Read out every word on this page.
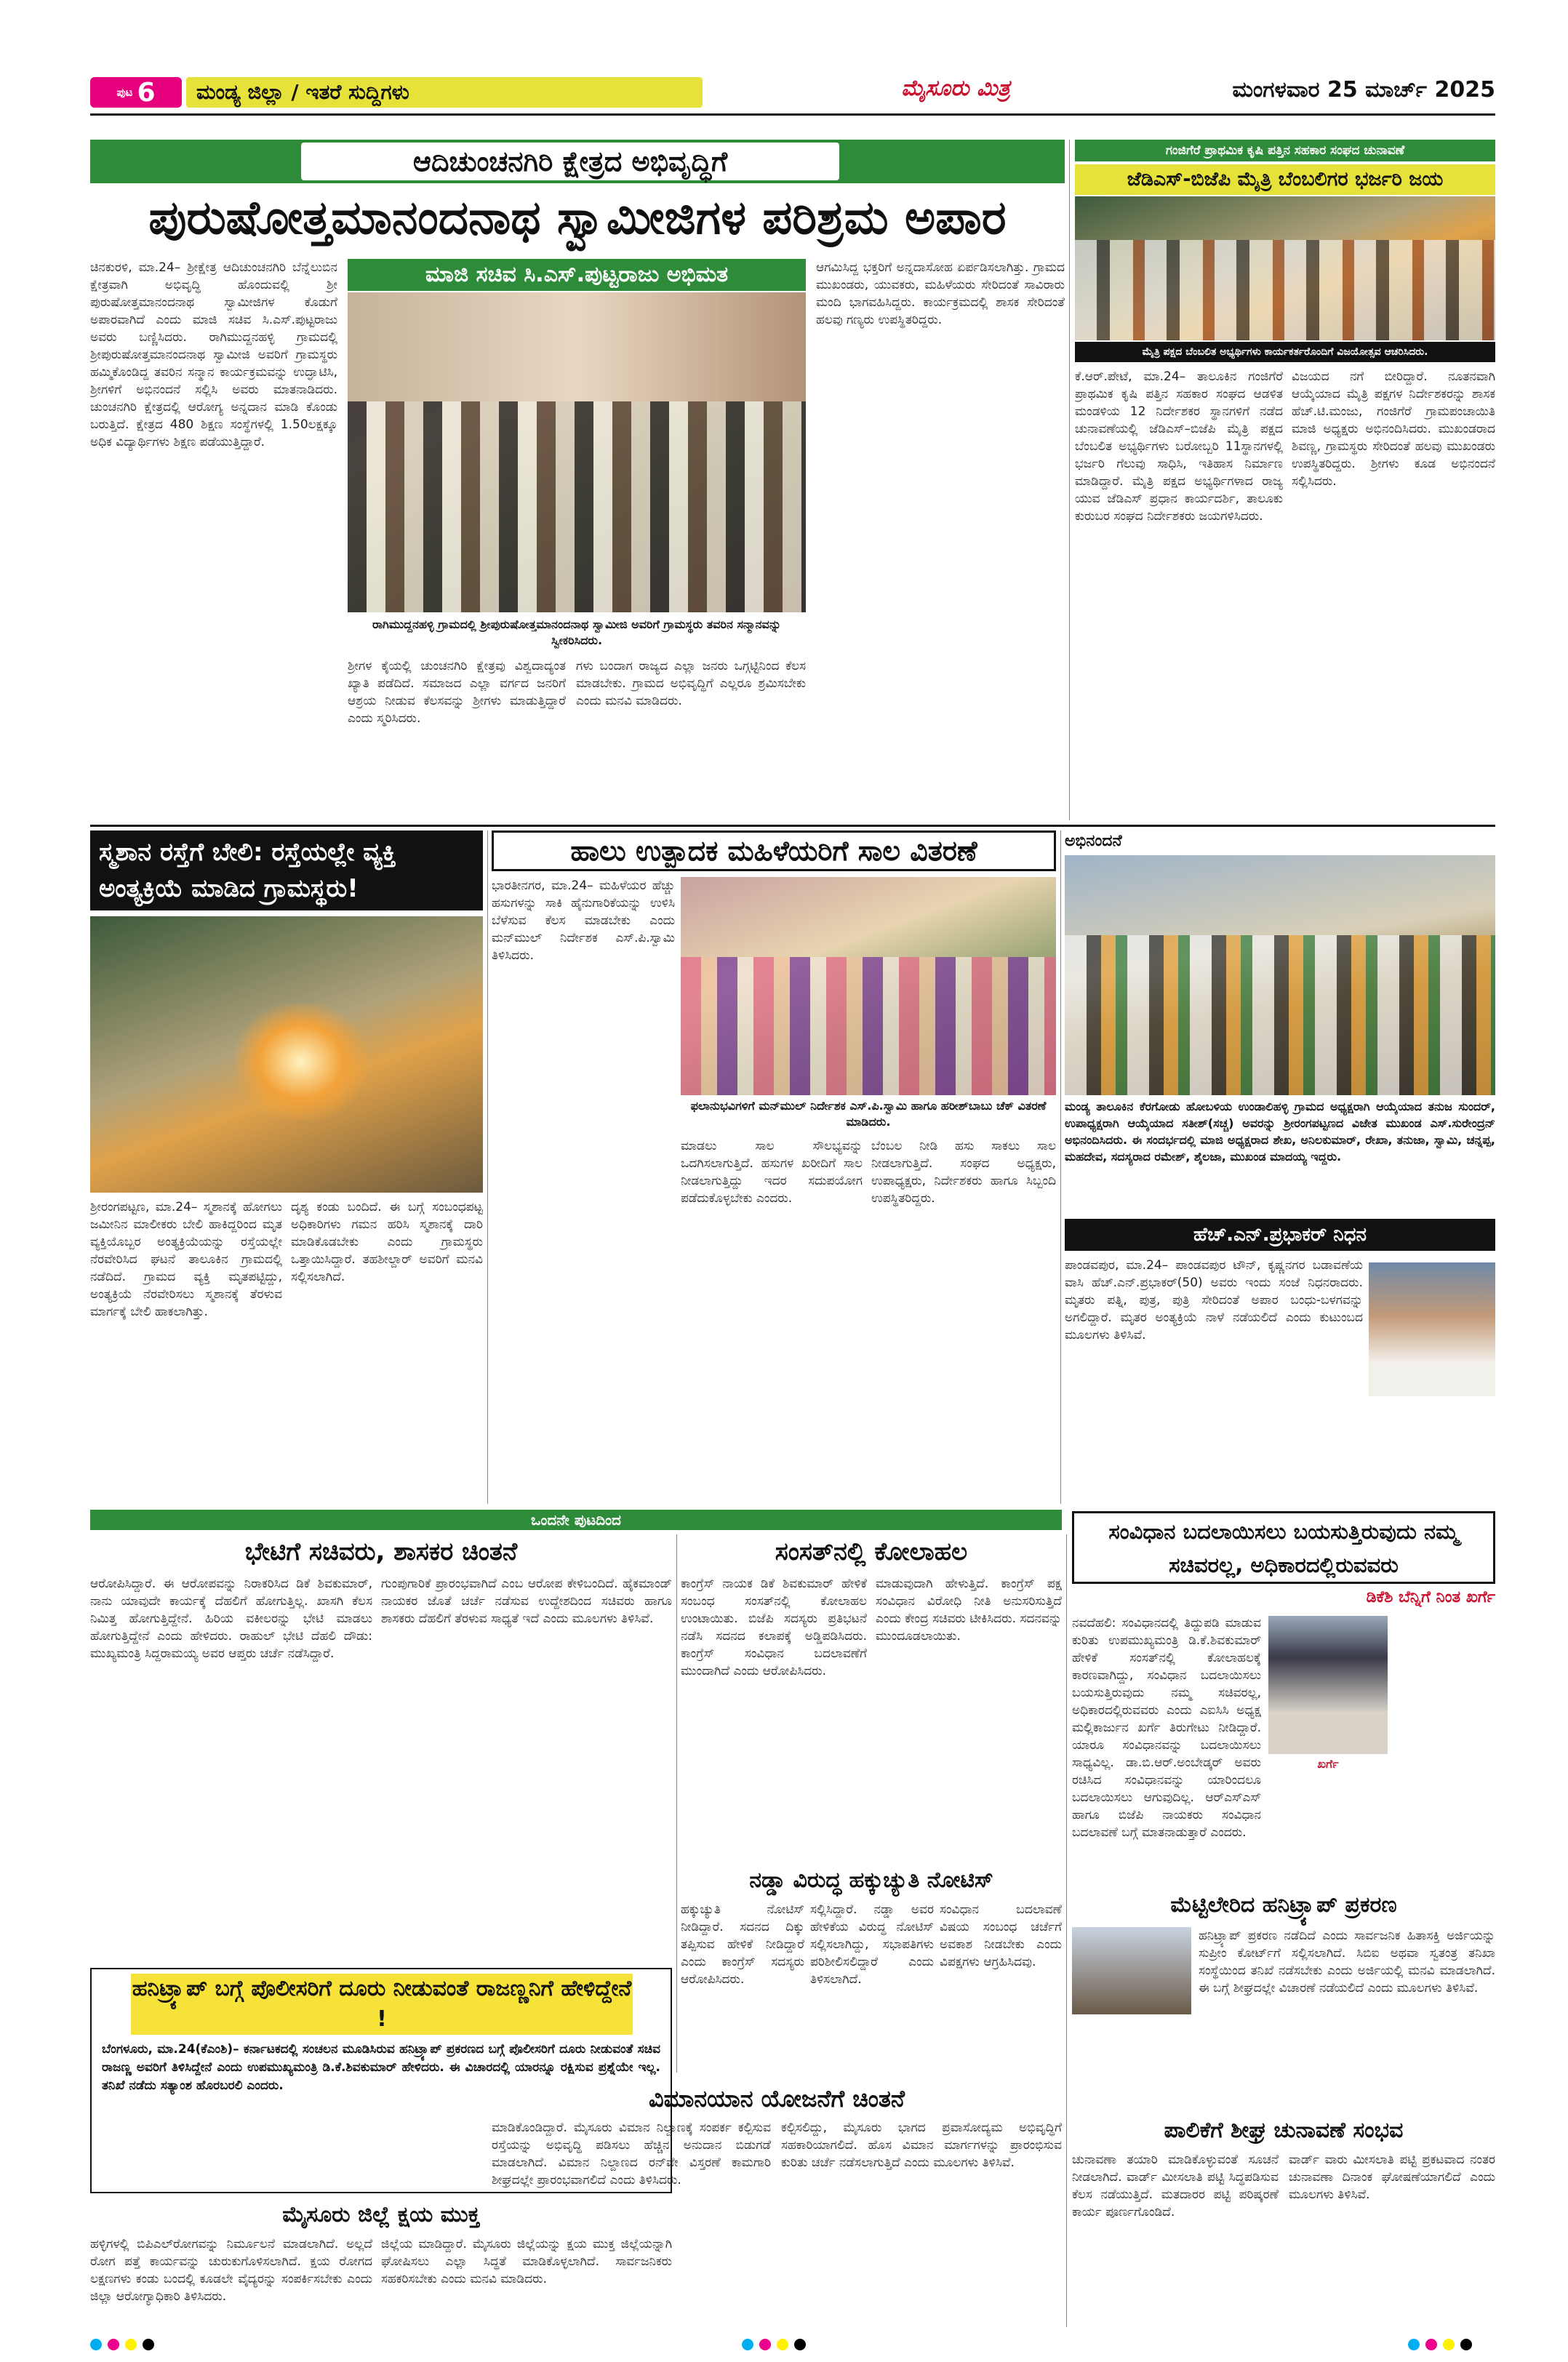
ಪುಟ 6	ಮಂಡ್ಯ ಜಿಲ್ಲಾ / ಇತರೆ ಸುದ್ದಿಗಳು	ಮೈಸೂರು ಮಿತ್ರ	ಮಂಗಳವಾರ 25 ಮಾರ್ಚ್ 2025
ಆದಿಚುಂಚನಗಿರಿ ಕ್ಷೇತ್ರದ ಅಭಿವೃದ್ಧಿಗೆ
ಪುರುಷೋತ್ತಮಾನಂದನಾಥ ಸ್ವಾಮೀಜಿಗಳ ಪರಿಶ್ರಮ ಅಪಾರ
ಚಿನಕುರಳಿ, ಮಾ.24– ಶ್ರೀಕ್ಷೇತ್ರ ಆದಿಚುಂಚನಗಿರಿ ಬೆನ್ನೆಲುಬಿನ ಕ್ಷೇತ್ರವಾಗಿ ಅಭಿವೃದ್ಧಿ ಹೊಂದುವಲ್ಲಿ ಶ್ರೀ ಪುರುಷೋತ್ತಮಾನಂದನಾಥ ಸ್ವಾಮೀಜಿಗಳ ಕೊಡುಗೆ ಅಪಾರವಾಗಿದೆ ಎಂದು ಮಾಜಿ ಸಚಿವ ಸಿ.ಎಸ್.ಪುಟ್ಟರಾಜು ಅವರು ಬಣ್ಣಿಸಿದರು. ರಾಗಿಮುದ್ದನಹಳ್ಳಿ ಗ್ರಾಮದಲ್ಲಿ ಶ್ರೀಪುರುಷೋತ್ತಮಾನಂದನಾಥ ಸ್ವಾಮೀಜಿ ಅವರಿಗೆ ಗ್ರಾಮಸ್ಥರು ಹಮ್ಮಿಕೊಂಡಿದ್ದ ತವರಿನ ಸನ್ಮಾನ ಕಾರ್ಯಕ್ರಮವನ್ನು ಉದ್ಘಾಟಿಸಿ, ಶ್ರೀಗಳಿಗೆ ಅಭಿನಂದನೆ ಸಲ್ಲಿಸಿ ಅವರು ಮಾತನಾಡಿದರು. ಚುಂಚನಗಿರಿ ಕ್ಷೇತ್ರದಲ್ಲಿ ಆರೋಗ್ಯ ಅನ್ನದಾನ ಮಾಡಿ ಕೊಂಡು ಬರುತ್ತಿದೆ. ಕ್ಷೇತ್ರದ 480 ಶಿಕ್ಷಣ ಸಂಸ್ಥೆಗಳಲ್ಲಿ 1.50ಲಕ್ಷಕ್ಕೂ ಅಧಿಕ ವಿದ್ಯಾರ್ಥಿಗಳು ಶಿಕ್ಷಣ ಪಡೆಯುತ್ತಿದ್ದಾರೆ.
ಮಾಜಿ ಸಚಿವ ಸಿ.ಎಸ್.ಪುಟ್ಟರಾಜು ಅಭಿಮತ
ರಾಗಿಮುದ್ದನಹಳ್ಳಿ ಗ್ರಾಮದಲ್ಲಿ ಶ್ರೀಪುರುಷೋತ್ತಮಾನಂದನಾಥ ಸ್ವಾಮೀಜಿ ಅವರಿಗೆ ಗ್ರಾಮಸ್ಥರು ತವರಿನ ಸನ್ಮಾನವನ್ನು ಸ್ವೀಕರಿಸಿದರು.
ಶ್ರೀಗಳ ಕೈಯಲ್ಲಿ ಚುಂಚನಗಿರಿ ಕ್ಷೇತ್ರವು ವಿಶ್ವದಾದ್ಯಂತ ಖ್ಯಾತಿ ಪಡೆದಿದೆ. ಸಮಾಜದ ಎಲ್ಲಾ ವರ್ಗದ ಜನರಿಗೆ ಆಶ್ರಯ ನೀಡುವ ಕೆಲಸವನ್ನು ಶ್ರೀಗಳು ಮಾಡುತ್ತಿದ್ದಾರೆ ಎಂದು ಸ್ಮರಿಸಿದರು.
ಗಳು ಬಂದಾಗ ರಾಜ್ಯದ ಎಲ್ಲಾ ಜನರು ಒಗ್ಗಟ್ಟಿನಿಂದ ಕೆಲಸ ಮಾಡಬೇಕು. ಗ್ರಾಮದ ಅಭಿವೃದ್ಧಿಗೆ ಎಲ್ಲರೂ ಶ್ರಮಿಸಬೇಕು ಎಂದು ಮನವಿ ಮಾಡಿದರು.
ಆಗಮಿಸಿದ್ದ ಭಕ್ತರಿಗೆ ಅನ್ನದಾಸೋಹ ಏರ್ಪಡಿಸಲಾಗಿತ್ತು. ಗ್ರಾಮದ ಮುಖಂಡರು, ಯುವಕರು, ಮಹಿಳೆಯರು ಸೇರಿದಂತೆ ಸಾವಿರಾರು ಮಂದಿ ಭಾಗವಹಿಸಿದ್ದರು. ಕಾರ್ಯಕ್ರಮದಲ್ಲಿ ಶಾಸಕ ಸೇರಿದಂತೆ ಹಲವು ಗಣ್ಯರು ಉಪಸ್ಥಿತರಿದ್ದರು.
ಗಂಜಿಗೆರೆ ಪ್ರಾಥಮಿಕ ಕೃಷಿ ಪತ್ತಿನ ಸಹಕಾರ ಸಂಘದ ಚುನಾವಣೆ
ಜೆಡಿಎಸ್-ಬಿಜೆಪಿ ಮೈತ್ರಿ ಬೆಂಬಲಿಗರ ಭರ್ಜರಿ ಜಯ
ಮೈತ್ರಿ ಪಕ್ಷದ ಬೆಂಬಲಿತ ಅಭ್ಯರ್ಥಿಗಳು ಕಾರ್ಯಕರ್ತರೊಂದಿಗೆ ವಿಜಯೋತ್ಸವ ಆಚರಿಸಿದರು.
ಕೆ.ಆರ್.ಪೇಟೆ, ಮಾ.24– ತಾಲೂಕಿನ ಗಂಜಿಗೆರೆ ಪ್ರಾಥಮಿಕ ಕೃಷಿ ಪತ್ತಿನ ಸಹಕಾರ ಸಂಘದ ಆಡಳಿತ ಮಂಡಳಿಯ 12 ನಿರ್ದೇಶಕರ ಸ್ಥಾನಗಳಿಗೆ ನಡೆದ ಚುನಾವಣೆಯಲ್ಲಿ ಜೆಡಿಎಸ್–ಬಿಜೆಪಿ ಮೈತ್ರಿ ಪಕ್ಷದ ಬೆಂಬಲಿತ ಅಭ್ಯರ್ಥಿಗಳು ಬರೋಬ್ಬರಿ 11ಸ್ಥಾನಗಳಲ್ಲಿ ಭರ್ಜರಿ ಗೆಲುವು ಸಾಧಿಸಿ, ಇತಿಹಾಸ ನಿರ್ಮಾಣ ಮಾಡಿದ್ದಾರೆ. ಮೈತ್ರಿ ಪಕ್ಷದ ಅಭ್ಯರ್ಥಿಗಳಾದ ರಾಜ್ಯ ಯುವ ಜೆಡಿಎಸ್ ಪ್ರಧಾನ ಕಾರ್ಯದರ್ಶಿ, ತಾಲೂಕು ಕುರುಬರ ಸಂಘದ ನಿರ್ದೇಶಕರು ಜಯಗಳಿಸಿದರು.
ವಿಜಯದ ನಗೆ ಬೀರಿದ್ದಾರೆ. ನೂತನವಾಗಿ ಆಯ್ಕೆಯಾದ ಮೈತ್ರಿ ಪಕ್ಷಗಳ ನಿರ್ದೇಶಕರನ್ನು ಶಾಸಕ ಹೆಚ್.ಟಿ.ಮಂಜು, ಗಂಜಿಗೆರೆ ಗ್ರಾಮಪಂಚಾಯಿತಿ ಮಾಜಿ ಅಧ್ಯಕ್ಷರು ಅಭಿನಂದಿಸಿದರು. ಮುಖಂಡರಾದ ಶಿವಣ್ಣ, ಗ್ರಾಮಸ್ಥರು ಸೇರಿದಂತೆ ಹಲವು ಮುಖಂಡರು ಉಪಸ್ಥಿತರಿದ್ದರು. ಶ್ರೀಗಳು ಕೂಡ ಅಭಿನಂದನೆ ಸಲ್ಲಿಸಿದರು.
ಸ್ಮಶಾನ ರಸ್ತೆಗೆ ಬೇಲಿ: ರಸ್ತೆಯಲ್ಲೇ ವ್ಯಕ್ತಿ ಅಂತ್ಯಕ್ರಿಯೆ ಮಾಡಿದ ಗ್ರಾಮಸ್ಥರು!
ಶ್ರೀರಂಗಪಟ್ಟಣ, ಮಾ.24– ಸ್ಮಶಾನಕ್ಕೆ ಹೋಗಲು ಜಮೀನಿನ ಮಾಲೀಕರು ಬೇಲಿ ಹಾಕಿದ್ದರಿಂದ ಮೃತ ವ್ಯಕ್ತಿಯೊಬ್ಬರ ಅಂತ್ಯಕ್ರಿಯೆಯನ್ನು ರಸ್ತೆಯಲ್ಲೇ ನೆರವೇರಿಸಿದ ಘಟನೆ ತಾಲೂಕಿನ ಗ್ರಾಮದಲ್ಲಿ ನಡೆದಿದೆ. ಗ್ರಾಮದ ವ್ಯಕ್ತಿ ಮೃತಪಟ್ಟಿದ್ದು, ಅಂತ್ಯಕ್ರಿಯೆ ನೆರವೇರಿಸಲು ಸ್ಮಶಾನಕ್ಕೆ ತೆರಳುವ ಮಾರ್ಗಕ್ಕೆ ಬೇಲಿ ಹಾಕಲಾಗಿತ್ತು.
ದೃಶ್ಯ ಕಂಡು ಬಂದಿದೆ. ಈ ಬಗ್ಗೆ ಸಂಬಂಧಪಟ್ಟ ಅಧಿಕಾರಿಗಳು ಗಮನ ಹರಿಸಿ ಸ್ಮಶಾನಕ್ಕೆ ದಾರಿ ಮಾಡಿಕೊಡಬೇಕು ಎಂದು ಗ್ರಾಮಸ್ಥರು ಒತ್ತಾಯಿಸಿದ್ದಾರೆ. ತಹಶೀಲ್ದಾರ್ ಅವರಿಗೆ ಮನವಿ ಸಲ್ಲಿಸಲಾಗಿದೆ.
ಹಾಲು ಉತ್ಪಾದಕ ಮಹಿಳೆಯರಿಗೆ ಸಾಲ ವಿತರಣೆ
ಭಾರತೀನಗರ, ಮಾ.24– ಮಹಿಳೆಯರ ಹೆಚ್ಚು ಹಸುಗಳನ್ನು ಸಾಕಿ ಹೈನುಗಾರಿಕೆಯನ್ನು ಉಳಿಸಿ ಬೆಳೆಸುವ ಕೆಲಸ ಮಾಡಬೇಕು ಎಂದು ಮನ್‌ಮುಲ್ ನಿರ್ದೇಶಕ ಎಸ್.ಪಿ.ಸ್ವಾಮಿ ತಿಳಿಸಿದರು.
ಫಲಾನುಭವಿಗಳಿಗೆ ಮನ್‌ಮುಲ್ ನಿರ್ದೇಶಕ ಎಸ್.ಪಿ.ಸ್ವಾಮಿ ಹಾಗೂ ಹರೀಶ್‌ಬಾಬು ಚೆಕ್ ವಿತರಣೆ ಮಾಡಿದರು.
ಮಾಡಲು ಸಾಲ ಸೌಲಭ್ಯವನ್ನು ಒದಗಿಸಲಾಗುತ್ತಿದೆ. ಹಸುಗಳ ಖರೀದಿಗೆ ಸಾಲ ನೀಡಲಾಗುತ್ತಿದ್ದು ಇದರ ಸದುಪಯೋಗ ಪಡೆದುಕೊಳ್ಳಬೇಕು ಎಂದರು.
ಬೆಂಬಲ ನೀಡಿ ಹಸು ಸಾಕಲು ಸಾಲ ನೀಡಲಾಗುತ್ತಿದೆ. ಸಂಘದ ಅಧ್ಯಕ್ಷರು, ಉಪಾಧ್ಯಕ್ಷರು, ನಿರ್ದೇಶಕರು ಹಾಗೂ ಸಿಬ್ಬಂದಿ ಉಪಸ್ಥಿತರಿದ್ದರು.
ಅಭಿನಂದನೆ
ಮಂಡ್ಯ ತಾಲೂಕಿನ ಕೆರಗೋಡು ಹೋಬಳಿಯ ಉಂಡಾಲಿಹಳ್ಳಿ ಗ್ರಾಮದ ಅಧ್ಯಕ್ಷರಾಗಿ ಆಯ್ಕೆಯಾದ ತನುಜ ಸುಂದರ್, ಉಪಾಧ್ಯಕ್ಷರಾಗಿ ಆಯ್ಕೆಯಾದ ಸತೀಶ್(ಸಚ್ಚ) ಅವರನ್ನು ಶ್ರೀರಂಗಪಟ್ಟಣದ ವಿಜೇತ ಮುಖಂಡ ಎಸ್.ಸುರೇಂದ್ರನ್ ಅಭಿನಂದಿಸಿದರು. ಈ ಸಂದರ್ಭದಲ್ಲಿ ಮಾಜಿ ಅಧ್ಯಕ್ಷರಾದ ಶೇಖ, ಅನಿಲಕುಮಾರ್, ರೇಖಾ, ತನುಜಾ, ಸ್ವಾಮಿ, ಚನ್ನಪ್ಪ, ಮಹದೇವ, ಸದಸ್ಯರಾದ ರಮೇಶ್, ಶೈಲಜಾ, ಮುಖಂಡ ಮಾದಯ್ಯ ಇದ್ದರು.
ಹೆಚ್.ಎನ್.ಪ್ರಭಾಕರ್ ನಿಧನ
ಪಾಂಡವಪುರ, ಮಾ.24– ಪಾಂಡವಪುರ ಟೌನ್, ಕೃಷ್ಣನಗರ ಬಡಾವಣೆಯ ವಾಸಿ ಹೆಚ್.ಎನ್.ಪ್ರಭಾಕರ್(50) ಅವರು ಇಂದು ಸಂಜೆ ನಿಧನರಾದರು. ಮೃತರು ಪತ್ನಿ, ಪುತ್ರ, ಪುತ್ರಿ ಸೇರಿದಂತೆ ಅಪಾರ ಬಂಧು-ಬಳಗವನ್ನು ಅಗಲಿದ್ದಾರೆ. ಮೃತರ ಅಂತ್ಯಕ್ರಿಯೆ ನಾಳೆ ನಡೆಯಲಿದೆ ಎಂದು ಕುಟುಂಬದ ಮೂಲಗಳು ತಿಳಿಸಿವೆ.
ಒಂದನೇ ಪುಟದಿಂದ
ಭೇಟಿಗೆ ಸಚಿವರು, ಶಾಸಕರ ಚಿಂತನೆ
ಆರೋಪಿಸಿದ್ದಾರೆ. ಈ ಆರೋಪವನ್ನು ನಿರಾಕರಿಸಿದ ಡಿಕೆ ಶಿವಕುಮಾರ್, ನಾನು ಯಾವುದೇ ಕಾರ್ಯಕ್ಕೆ ದೆಹಲಿಗೆ ಹೋಗುತ್ತಿಲ್ಲ. ಖಾಸಗಿ ಕೆಲಸ ನಿಮಿತ್ತ ಹೋಗುತ್ತಿದ್ದೇನೆ. ಹಿರಿಯ ವಕೀಲರನ್ನು ಭೇಟಿ ಮಾಡಲು ಹೋಗುತ್ತಿದ್ದೇನೆ ಎಂದು ಹೇಳಿದರು. ರಾಹುಲ್ ಭೇಟಿ ದೆಹಲಿ ದೌಡು: ಮುಖ್ಯಮಂತ್ರಿ ಸಿದ್ದರಾಮಯ್ಯ ಅವರ ಆಪ್ತರು ಚರ್ಚೆ ನಡೆಸಿದ್ದಾರೆ.
ಗುಂಪುಗಾರಿಕೆ ಪ್ರಾರಂಭವಾಗಿದೆ ಎಂಬ ಆರೋಪ ಕೇಳಿಬಂದಿದೆ. ಹೈಕಮಾಂಡ್ ನಾಯಕರ ಜೊತೆ ಚರ್ಚೆ ನಡೆಸುವ ಉದ್ದೇಶದಿಂದ ಸಚಿವರು ಹಾಗೂ ಶಾಸಕರು ದೆಹಲಿಗೆ ತೆರಳುವ ಸಾಧ್ಯತೆ ಇದೆ ಎಂದು ಮೂಲಗಳು ತಿಳಿಸಿವೆ.
ಹನಿಟ್ರ್ಯಾಪ್ ಬಗ್ಗೆ ಪೊಲೀಸರಿಗೆ ದೂರು ನೀಡುವಂತೆ ರಾಜಣ್ಣನಿಗೆ ಹೇಳಿದ್ದೇನೆ !
ಬೆಂಗಳೂರು, ಮಾ.24(ಕೆಎಂಶಿ)– ಕರ್ನಾಟಕದಲ್ಲಿ ಸಂಚಲನ ಮೂಡಿಸಿರುವ ಹನಿಟ್ರ್ಯಾಪ್ ಪ್ರಕರಣದ ಬಗ್ಗೆ ಪೊಲೀಸರಿಗೆ ದೂರು ನೀಡುವಂತೆ ಸಚಿವ ರಾಜಣ್ಣ ಅವರಿಗೆ ತಿಳಿಸಿದ್ದೇನೆ ಎಂದು ಉಪಮುಖ್ಯಮಂತ್ರಿ ಡಿ.ಕೆ.ಶಿವಕುಮಾರ್ ಹೇಳಿದರು. ಈ ವಿಚಾರದಲ್ಲಿ ಯಾರನ್ನೂ ರಕ್ಷಿಸುವ ಪ್ರಶ್ನೆಯೇ ಇಲ್ಲ. ತನಿಖೆ ನಡೆದು ಸತ್ಯಾಂಶ ಹೊರಬರಲಿ ಎಂದರು.
ಮೈಸೂರು ಜಿಲ್ಲೆ ಕ್ಷಯ ಮುಕ್ತ
ಹಳ್ಳಿಗಳಲ್ಲಿ ಬಿಪಿಎಲ್‌ರೋಗವನ್ನು ನಿರ್ಮೂಲನೆ ಮಾಡಲಾಗಿದೆ. ಅಲ್ಲದೆ ರೋಗ ಪತ್ತೆ ಕಾರ್ಯವನ್ನು ಚುರುಕುಗೊಳಿಸಲಾಗಿದೆ. ಕ್ಷಯ ರೋಗದ ಲಕ್ಷಣಗಳು ಕಂಡು ಬಂದಲ್ಲಿ ಕೂಡಲೇ ವೈದ್ಯರನ್ನು ಸಂಪರ್ಕಿಸಬೇಕು ಎಂದು ಜಿಲ್ಲಾ ಆರೋಗ್ಯಾಧಿಕಾರಿ ತಿಳಿಸಿದರು.
ಜಿಲ್ಲೆಯ ಮಾಡಿದ್ದಾರೆ. ಮೈಸೂರು ಜಿಲ್ಲೆಯನ್ನು ಕ್ಷಯ ಮುಕ್ತ ಜಿಲ್ಲೆಯನ್ನಾಗಿ ಘೋಷಿಸಲು ಎಲ್ಲಾ ಸಿದ್ಧತೆ ಮಾಡಿಕೊಳ್ಳಲಾಗಿದೆ. ಸಾರ್ವಜನಿಕರು ಸಹಕರಿಸಬೇಕು ಎಂದು ಮನವಿ ಮಾಡಿದರು.
ಸಂಸತ್‌ನಲ್ಲಿ ಕೋಲಾಹಲ
ಕಾಂಗ್ರೆಸ್ ನಾಯಕ ಡಿಕೆ ಶಿವಕುಮಾರ್ ಹೇಳಿಕೆ ಸಂಬಂಧ ಸಂಸತ್‌ನಲ್ಲಿ ಕೋಲಾಹಲ ಉಂಟಾಯಿತು. ಬಿಜೆಪಿ ಸದಸ್ಯರು ಪ್ರತಿಭಟನೆ ನಡೆಸಿ ಸದನದ ಕಲಾಪಕ್ಕೆ ಅಡ್ಡಿಪಡಿಸಿದರು. ಕಾಂಗ್ರೆಸ್ ಸಂವಿಧಾನ ಬದಲಾವಣೆಗೆ ಮುಂದಾಗಿದೆ ಎಂದು ಆರೋಪಿಸಿದರು.
ಮಾಡುವುದಾಗಿ ಹೇಳುತ್ತಿದೆ. ಕಾಂಗ್ರೆಸ್ ಪಕ್ಷ ಸಂವಿಧಾನ ವಿರೋಧಿ ನೀತಿ ಅನುಸರಿಸುತ್ತಿದೆ ಎಂದು ಕೇಂದ್ರ ಸಚಿವರು ಟೀಕಿಸಿದರು. ಸದನವನ್ನು ಮುಂದೂಡಲಾಯಿತು.
ನಡ್ಡಾ ವಿರುದ್ಧ ಹಕ್ಕುಚ್ಯುತಿ ನೋಟಿಸ್
ಹಕ್ಕುಚ್ಯುತಿ ನೋಟಿಸ್ ನೀಡಿದ್ದಾರೆ. ಸದನದ ದಿಕ್ಕು ತಪ್ಪಿಸುವ ಹೇಳಿಕೆ ನೀಡಿದ್ದಾರೆ ಎಂದು ಕಾಂಗ್ರೆಸ್ ಸದಸ್ಯರು ಆರೋಪಿಸಿದರು.
ಸಲ್ಲಿಸಿದ್ದಾರೆ. ನಡ್ಡಾ ಅವರ ಹೇಳಿಕೆಯ ವಿರುದ್ಧ ನೋಟಿಸ್ ಸಲ್ಲಿಸಲಾಗಿದ್ದು, ಸಭಾಪತಿಗಳು ಪರಿಶೀಲಿಸಲಿದ್ದಾರೆ ಎಂದು ತಿಳಿಸಲಾಗಿದೆ.
ಸಂವಿಧಾನ ಬದಲಾವಣೆ ವಿಷಯ ಸಂಬಂಧ ಚರ್ಚೆಗೆ ಅವಕಾಶ ನೀಡಬೇಕು ಎಂದು ವಿಪಕ್ಷಗಳು ಆಗ್ರಹಿಸಿದವು.
ವಿಮಾನಯಾನ ಯೋಜನೆಗೆ ಚಿಂತನೆ
ಮಾಡಿಕೊಂಡಿದ್ದಾರೆ. ಮೈಸೂರು ವಿಮಾನ ನಿಲ್ದಾಣಕ್ಕೆ ಸಂಪರ್ಕ ಕಲ್ಪಿಸುವ ರಸ್ತೆಯನ್ನು ಅಭಿವೃದ್ಧಿ ಪಡಿಸಲು ಹೆಚ್ಚಿನ ಅನುದಾನ ಬಿಡುಗಡೆ ಮಾಡಲಾಗಿದೆ. ವಿಮಾನ ನಿಲ್ದಾಣದ ರನ್‌ವೇ ವಿಸ್ತರಣೆ ಕಾಮಗಾರಿ ಶೀಘ್ರದಲ್ಲೇ ಪ್ರಾರಂಭವಾಗಲಿದೆ ಎಂದು ತಿಳಿಸಿದರು.
ಕಲ್ಪಿಸಲಿದ್ದು, ಮೈಸೂರು ಭಾಗದ ಪ್ರವಾಸೋದ್ಯಮ ಅಭಿವೃದ್ಧಿಗೆ ಸಹಕಾರಿಯಾಗಲಿದೆ. ಹೊಸ ವಿಮಾನ ಮಾರ್ಗಗಳನ್ನು ಪ್ರಾರಂಭಿಸುವ ಕುರಿತು ಚರ್ಚೆ ನಡೆಸಲಾಗುತ್ತಿದೆ ಎಂದು ಮೂಲಗಳು ತಿಳಿಸಿವೆ.
ಸಂವಿಧಾನ ಬದಲಾಯಿಸಲು ಬಯಸುತ್ತಿರುವುದು ನಮ್ಮ ಸಚಿವರಲ್ಲ, ಅಧಿಕಾರದಲ್ಲಿರುವವರು
ಡಿಕೆಶಿ ಬೆನ್ನಿಗೆ ನಿಂತ ಖರ್ಗೆ
ನವದೆಹಲಿ: ಸಂವಿಧಾನದಲ್ಲಿ ತಿದ್ದುಪಡಿ ಮಾಡುವ ಕುರಿತು ಉಪಮುಖ್ಯಮಂತ್ರಿ ಡಿ.ಕೆ.ಶಿವಕುಮಾರ್ ಹೇಳಿಕೆ ಸಂಸತ್‌ನಲ್ಲಿ ಕೋಲಾಹಲಕ್ಕೆ ಕಾರಣವಾಗಿದ್ದು, ಸಂವಿಧಾನ ಬದಲಾಯಿಸಲು ಬಯಸುತ್ತಿರುವುದು ನಮ್ಮ ಸಚಿವರಲ್ಲ, ಅಧಿಕಾರದಲ್ಲಿರುವವರು ಎಂದು ಎಐಸಿಸಿ ಅಧ್ಯಕ್ಷ ಮಲ್ಲಿಕಾರ್ಜುನ ಖರ್ಗೆ ತಿರುಗೇಟು ನೀಡಿದ್ದಾರೆ. ಯಾರೂ ಸಂವಿಧಾನವನ್ನು ಬದಲಾಯಿಸಲು ಸಾಧ್ಯವಿಲ್ಲ. ಡಾ.ಬಿ.ಆರ್.ಅಂಬೇಡ್ಕರ್ ಅವರು ರಚಿಸಿದ ಸಂವಿಧಾನವನ್ನು ಯಾರಿಂದಲೂ ಬದಲಾಯಿಸಲು ಆಗುವುದಿಲ್ಲ. ಆರ್‌ಎಸ್‌ಎಸ್ ಹಾಗೂ ಬಿಜೆಪಿ ನಾಯಕರು ಸಂವಿಧಾನ ಬದಲಾವಣೆ ಬಗ್ಗೆ ಮಾತನಾಡುತ್ತಾರೆ ಎಂದರು.
ಖರ್ಗೆ
ಮೆಟ್ಟಿಲೇರಿದ ಹನಿಟ್ರ್ಯಾಪ್ ಪ್ರಕರಣ
ಹನಿಟ್ರ್ಯಾಪ್ ಪ್ರಕರಣ ನಡೆದಿದೆ ಎಂದು ಸಾರ್ವಜನಿಕ ಹಿತಾಸಕ್ತಿ ಅರ್ಜಿಯನ್ನು ಸುಪ್ರೀಂ ಕೋರ್ಟ್‌ಗೆ ಸಲ್ಲಿಸಲಾಗಿದೆ. ಸಿಬಿಐ ಅಥವಾ ಸ್ವತಂತ್ರ ತನಿಖಾ ಸಂಸ್ಥೆಯಿಂದ ತನಿಖೆ ನಡೆಸಬೇಕು ಎಂದು ಅರ್ಜಿಯಲ್ಲಿ ಮನವಿ ಮಾಡಲಾಗಿದೆ. ಈ ಬಗ್ಗೆ ಶೀಘ್ರದಲ್ಲೇ ವಿಚಾರಣೆ ನಡೆಯಲಿದೆ ಎಂದು ಮೂಲಗಳು ತಿಳಿಸಿವೆ.
ಪಾಲಿಕೆಗೆ ಶೀಘ್ರ ಚುನಾವಣೆ ಸಂಭವ
ಚುನಾವಣಾ ತಯಾರಿ ಮಾಡಿಕೊಳ್ಳುವಂತೆ ಸೂಚನೆ ನೀಡಲಾಗಿದೆ. ವಾರ್ಡ್ ಮೀಸಲಾತಿ ಪಟ್ಟಿ ಸಿದ್ಧಪಡಿಸುವ ಕೆಲಸ ನಡೆಯುತ್ತಿದೆ. ಮತದಾರರ ಪಟ್ಟಿ ಪರಿಷ್ಕರಣೆ ಕಾರ್ಯ ಪೂರ್ಣಗೊಂಡಿದೆ.
ವಾರ್ಡ್ ವಾರು ಮೀಸಲಾತಿ ಪಟ್ಟಿ ಪ್ರಕಟವಾದ ನಂತರ ಚುನಾವಣಾ ದಿನಾಂಕ ಘೋಷಣೆಯಾಗಲಿದೆ ಎಂದು ಮೂಲಗಳು ತಿಳಿಸಿವೆ.
